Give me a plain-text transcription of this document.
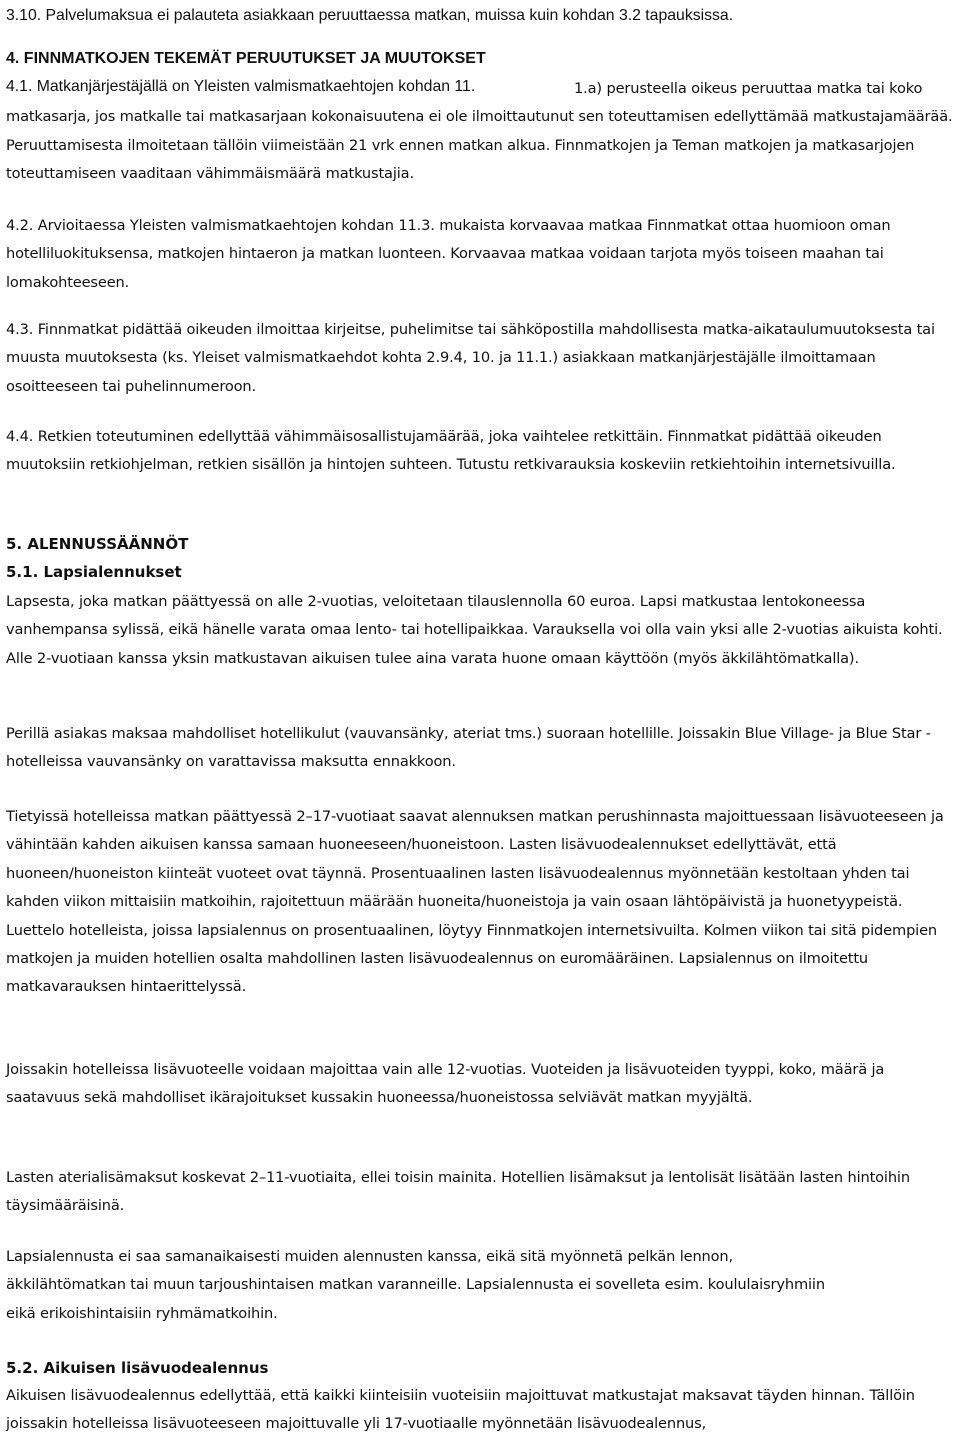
3.10. Palvelumaksua ei palauteta asiakkaan peruuttaessa matkan, muissa kuin kohdan 3.2 tapauksissa.
4. FINNMATKOJEN TEKEMÄT PERUUTUKSET JA MUUTOKSET
4.1. Matkanjärjestäjällä on Yleisten valmismatkaehtojen kohdan 11.	1.a) perusteella oikeus peruuttaa matka tai koko matkasarja, jos matkalle tai matkasarjaan kokonaisuutena ei ole ilmoittautunut sen toteuttamisen edellyttämää matkustajamäärää. Peruuttamisesta ilmoitetaan tällöin viimeistään 21 vrk ennen matkan alkua. Finnmatkojen ja Teman matkojen ja matkasarjojen toteuttamiseen vaaditaan vähimmäismäärä matkustajia.
4.2. Arvioitaessa Yleisten valmismatkaehtojen kohdan 11.3. mukaista korvaavaa matkaa Finnmatkat ottaa huomioon oman hotelliluokituksensa, matkojen hintaeron ja matkan luonteen. Korvaavaa matkaa voidaan tarjota myös toiseen maahan tai lomakohteeseen.
4.3. Finnmatkat pidättää oikeuden ilmoittaa kirjeitse, puhelimitse tai sähköpostilla mahdollisesta matka-aikataulumuutoksesta tai muusta muutoksesta (ks. Yleiset valmismatkaehdot kohta 2.9.4, 10. ja 11.1.) asiakkaan matkanjärjestäjälle ilmoittamaan osoitteeseen tai puhelinnumeroon.
4.4. Retkien toteutuminen edellyttää vähimmäisosallistujamäärää, joka vaihtelee retkittäin. Finnmatkat pidättää oikeuden muutoksiin retkiohjelman, retkien sisällön ja hintojen suhteen. Tutustu retkivarauksia koskeviin retkiehtoihin internetsivuilla.
5. ALENNUSSÄÄNNÖT
5.1. Lapsialennukset
Lapsesta, joka matkan päättyessä on alle 2-vuotias, veloitetaan tilauslennolla 60 euroa. Lapsi matkustaa lentokoneessa vanhempansa sylissä, eikä hänelle varata omaa lento- tai hotellipaikkaa. Varauksella voi olla vain yksi alle 2-vuotias aikuista kohti. Alle 2-vuotiaan kanssa yksin matkustavan aikuisen tulee aina varata huone omaan käyttöön (myös äkkilähtömatkalla).
Perillä asiakas maksaa mahdolliset hotellikulut (vauvansänky, ateriat tms.) suoraan hotellille. Joissakin Blue Village- ja Blue Star -hotelleissa vauvansänky on varattavissa maksutta ennakkoon.
Tietyissä hotelleissa matkan päättyessä 2–17-vuotiaat saavat alennuksen matkan perushinnasta majoittuessaan lisävuoteeseen ja vähintään kahden aikuisen kanssa samaan huoneeseen/huoneistoon. Lasten lisävuodealennukset edellyttävät, että huoneen/huoneiston kiinteät vuoteet ovat täynnä. Prosentuaalinen lasten lisävuodealennus myönnetään kestoltaan yhden tai kahden viikon mittaisiin matkoihin, rajoitettuun määrään huoneita/huoneistoja ja vain osaan lähtöpäivistä ja huonetyypeistä. Luettelo hotelleista, joissa lapsialennus on prosentuaalinen, löytyy Finnmatkojen internetsivuilta. Kolmen viikon tai sitä pidempien matkojen ja muiden hotellien osalta mahdollinen lasten lisävuodealennus on euromääräinen. Lapsialennus on ilmoitettu matkavarauksen hintaerittelyssä.
Joissakin hotelleissa lisävuoteelle voidaan majoittaa vain alle 12-vuotias. Vuoteiden ja lisävuoteiden tyyppi, koko, määrä ja saatavuus sekä mahdolliset ikärajoitukset kussakin huoneessa/huoneistossa selviävät matkan myyjältä.
Lasten aterialisämaksut koskevat 2–11-vuotiaita, ellei toisin mainita. Hotellien lisämaksut ja lentolisät lisätään lasten hintoihin täysimääräisinä.
Lapsialennusta ei saa samanaikaisesti muiden alennusten kanssa, eikä sitä myönnetä pelkän lennon, äkkilähtömatkan tai muun tarjoushintaisen matkan varanneille. Lapsialennusta ei sovelleta esim. koululaisryhmiin eikä erikoishintaisiin ryhmämatkoihin.
5.2. Aikuisen lisävuodealennus
Aikuisen lisävuodealennus edellyttää, että kaikki kiinteisiin vuoteisiin majoittuvat matkustajat maksavat täyden hinnan. Tällöin joissakin hotelleissa lisävuoteeseen majoittuvalle yli 17-vuotiaalle myönnetään lisävuodealennus,
